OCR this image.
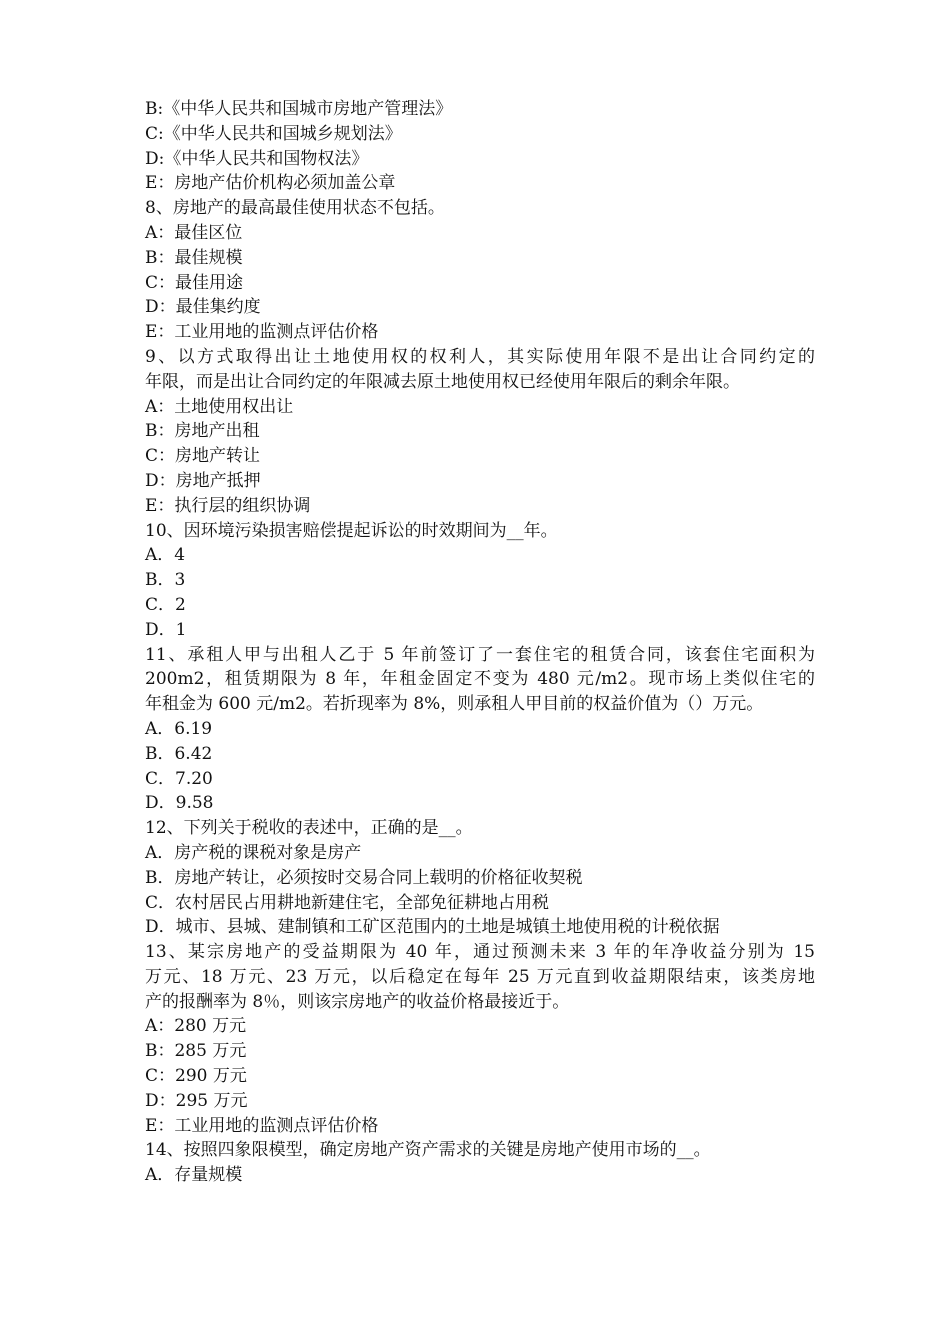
B:《中华人民共和国城市房地产管理法》
C:《中华人民共和国城乡规划法》
D:《中华人民共和国物权法》
E：房地产估价机构必须加盖公章
8、房地产的最高最佳使用状态不包括。
A：最佳区位
B：最佳规模
C：最佳用途
D：最佳集约度
E：工业用地的监测点评估价格
9、以方式取得出让土地使用权的权利人，其实际使用年限不是出让合同约定的
年限，而是出让合同约定的年限减去原土地使用权已经使用年限后的剩余年限。
A：土地使用权出让
B：房地产出租
C：房地产转让
D：房地产抵押
E：执行层的组织协调
10、因环境污染损害赔偿提起诉讼的时效期间为__年。
A．4
B．3
C．2
D．1
11、承租人甲与出租人乙于 5 年前签订了一套住宅的租赁合同，该套住宅面积为
200m2，租赁期限为 8 年，年租金固定不变为 480 元/m2。现市场上类似住宅的
年租金为 600 元/m2。若折现率为 8%，则承租人甲目前的权益价值为（）万元。
A．6.19
B．6.42
C．7.20
D．9.58
12、下列关于税收的表述中，正确的是__。
A．房产税的课税对象是房产
B．房地产转让，必须按时交易合同上载明的价格征收契税
C．农村居民占用耕地新建住宅，全部免征耕地占用税
D．城市、县城、建制镇和工矿区范围内的土地是城镇土地使用税的计税依据
13、某宗房地产的受益期限为 40 年，通过预测未来 3 年的年净收益分别为 15
万元、18 万元、23 万元，以后稳定在每年 25 万元直到收益期限结束，该类房地
产的报酬率为 8％，则该宗房地产的收益价格最接近于。
A：280 万元
B：285 万元
C：290 万元
D：295 万元
E：工业用地的监测点评估价格
14、按照四象限模型，确定房地产资产需求的关键是房地产使用市场的__。
A．存量规模
